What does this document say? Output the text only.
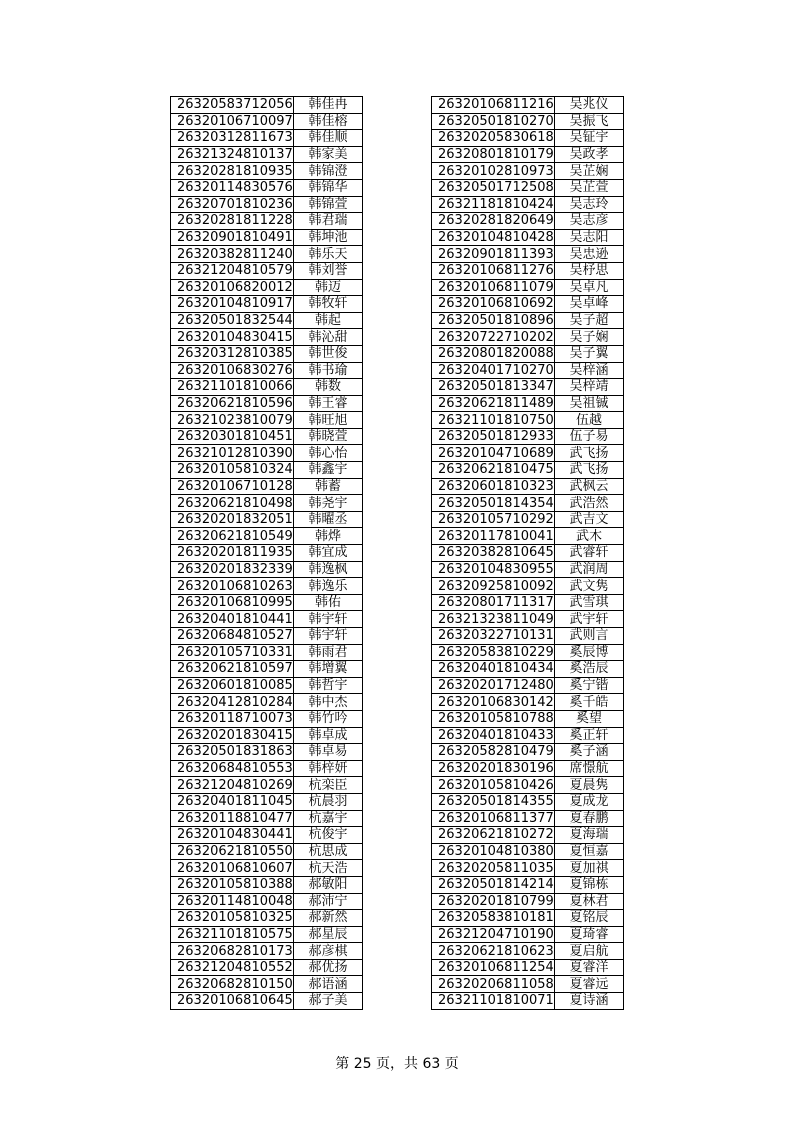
26320583712056	韩佳冉
26320106710097	韩佳榕
26320312811673	韩佳顺
26321324810137	韩家美
26320281810935	韩锦澄
26320114830576	韩锦华
26320701810236	韩锦萱
26320281811228	韩君瑞
26320901810491	韩坤池
26320382811240	韩乐天
26321204810579	韩刘誉
26320106820012	韩迈
26320104810917	韩牧轩
26320501832544	韩起
26320104830415	韩沁甜
26320312810385	韩世俊
26320106830276	韩书瑜
26321101810066	韩数
26320621810596	韩王睿
26321023810079	韩旺旭
26320301810451	韩晓萱
26321012810390	韩心怡
26320105810324	韩鑫宇
26320106710128	韩蓄
26320621810498	韩尧宇
26320201832051	韩曜丞
26320621810549	韩烨
26320201811935	韩宜成
26320201832339	韩逸枫
26320106810263	韩逸乐
26320106810995	韩佑
26320401810441	韩宇轩
26320684810527	韩宇轩
26320105710331	韩雨君
26320621810597	韩增翼
26320601810085	韩哲宇
26320412810284	韩中杰
26320118710073	韩竹吟
26320201830415	韩卓成
26320501831863	韩卓易
26320684810553	韩梓妍
26321204810269	杭栾臣
26320401811045	杭晨羽
26320118810477	杭嘉宇
26320104830441	杭俊宇
26320621810550	杭思成
26320106810607	杭天浩
26320105810388	郝敏阳
26320114810048	郝沛宁
26320105810325	郝新然
26321101810575	郝星辰
26320682810173	郝彦棋
26321204810552	郝优扬
26320682810150	郝语涵
26320106810645	郝子美
26320106811216	吴兆仪
26320501810270	吴振飞
26320205830618	吴钲宇
26320801810179	吴政孝
26320102810973	吴芷娴
26320501712508	吴芷萱
26321181810424	吴志玲
26320281820649	吴志彦
26320104810428	吴志阳
26320901811393	吴忠逊
26320106811276	吴杼思
26320106811079	吴卓凡
26320106810692	吴卓峰
26320501810896	吴子超
26320722710202	吴子娴
26320801820088	吴子翼
26320401710270	吴梓涵
26320501813347	吴梓靖
26320621811489	吴祖铖
26321101810750	伍越
26320501812933	伍子易
26320104710689	武飞扬
26320621810475	武飞扬
26320601810323	武枫云
26320501814354	武浩然
26320105710292	武吉文
26320117810041	武木
26320382810645	武睿轩
26320104830955	武润周
26320925810092	武文隽
26320801711317	武雪琪
26321323811049	武宇轩
26320322710131	武则言
26320583810229	奚辰博
26320401810434	奚浩辰
26320201712480	奚宁锴
26320106830142	奚千皓
26320105810788	奚望
26320401810433	奚正轩
26320582810479	奚子涵
26320201830196	席憬航
26320105810426	夏晨隽
26320501814355	夏成龙
26320106811377	夏春鹏
26320621810272	夏海瑞
26320104810380	夏恒嘉
26320205811035	夏加祺
26320501814214	夏锦栋
26320201810799	夏林君
26320583810181	夏铭辰
26321204710190	夏琦睿
26320621810623	夏启航
26320106811254	夏睿洋
26320206811058	夏睿远
26321101810071	夏诗涵
第 25 页，共 63 页
